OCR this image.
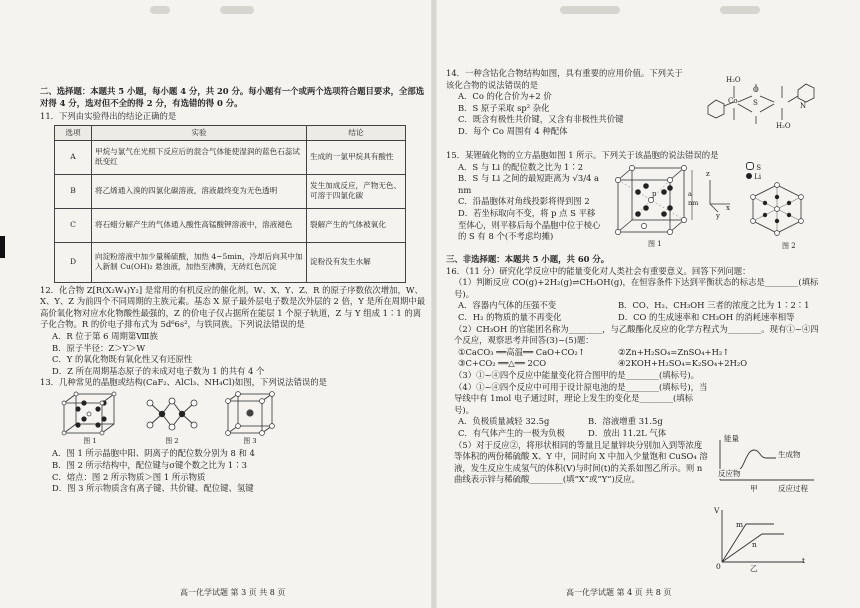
二、选择题：本题共 5 小题，每小题 4 分，共 20 分。每小题有一个或两个选项符合题目要求，全部选对得 4 分，选对但不全的得 2 分，有选错的得 0 分。

11．下列由实验得出的结论正确的是

选项	实验	结论
A	甲烷与氯气在光照下反应后的混合气体能使湿润的蓝色石蕊试纸变红	生成的一氯甲烷具有酸性
B	将乙烯通入溴的四氯化碳溶液，溶液最终变为无色透明	发生加成反应，产物无色、可溶于四氯化碳
C	将石蜡分解产生的气体通入酸性高锰酸钾溶液中，溶液褪色	裂解产生的气体被氧化
D	向淀粉溶液中加少量稀硫酸，加热 4~5min，冷却后向其中加入新制 Cu(OH)₂ 悬浊液，加热至沸腾，无砖红色沉淀	淀粉没有发生水解

12．化合物 Z[R(X₂W₄)Y₂] 是常用的有机反应的催化剂。W、X、Y、Z、R 的原子序数依次增加，W、X、Y、Z 为前四个不同周期的主族元素。基态 X 原子最外层电子数是次外层的 2 倍，Y 是所在周期中最高价氧化物对应水化物酸性最强的，Z 的价电子仅占据所在能层 1 个原子轨道，Z 与 Y 组成 1∶1 的离子化合物。R 的价电子排布式为 5d⁶6s²，与铁同族。下列说法错误的是

A．R 位于第 6 周期第Ⅷ族

B．原子半径：Z＞Y＞W

C．Y 的氧化物既有氧化性又有还原性

D．Z 所在周期基态原子的未成对电子数为 1 的共有 4 个

13．几种常见的晶胞或结构(CaF₂、AlCl₃、NH₄Cl)如图，下列说法错误的是

图 1	图 2	图 3

A．图 1 所示晶胞中阳、阴离子的配位数分别为 8 和 4

B．图 2 所示结构中，配位键与σ键个数之比为 1∶3

C．熔点：图 2 所示物质＞图 1 所示物质

D．图 3 所示物质含有离子键、共价键、配位键、氢键

高一化学试题 第 3 页 共 8 页

14．一种含钴化合物结构如图，具有重要的应用价值。下列关于该化合物的说法错误的是

A．Co 的化合价为+2 价

B．S 原子采取 sp² 杂化

C．既含有极性共价键，又含有非极性共价键

D．每个 Co 周围有 4 种配体

H₂O
Co
O
S	N
H₂O

15．某锂硫化物的立方晶胞如图 1 所示。下列关于该晶胞的说法错误的是

A．S 与 Li 的配位数之比为 1∶2

B．S 与 Li 之间的最短距离为 √3/4 a nm

C．沿晶胞体对角线投影将得到图 2

D．若坐标取向不变，将 p 点 S 平移至体心，则平移后每个晶胞中位于棱心的 S 有 8 个(不考虑均摊)

a nm
p
图 1
z
x
y
S
Li
图 2

三、非选择题：本题共 5 小题，共 60 分。

16．（11 分）研究化学反应中的能量变化对人类社会有重要意义。回答下列问题：

（1）判断反应 CO(g)+2H₂(g)⇌CH₃OH(g)，在恒容条件下达到平衡状态的标志是________(填标号)。

A．容器内气体的压强不变	B．CO、H₂、CH₃OH 三者的浓度之比为 1∶2∶1
C．H₂ 的物质的量不再变化	D．CO 的生成速率和 CH₃OH 的消耗速率相等

（2）CH₃OH 的官能团名称为________，与乙酸酯化反应的化学方程式为________。现有①~④四个反应，观察思考并回答(3)~(5)题：

①CaCO₃ ══高温══ CaO+CO₂↑	②Zn+H₂SO₄=ZnSO₄+H₂↑
③C+CO₂ ══△══ 2CO	④2KOH+H₂SO₄=K₂SO₄+2H₂O

（3）①~④四个反应中能量变化符合图甲的是________(填标号)。

（4）①~④四个反应中可用于设计原电池的是________(填标号)，当导线中有 1mol 电子通过时，理论上发生的变化是________(填标号)。

A．负极质量减轻 32.5g	B．溶液增重 31.5g
C．有气体产生的一极为负极	D．放出 11.2L 气体

（5）对于反应②，将形状相同的等量且足量锌块分别加入到等浓度等体积的两份稀硫酸 X、Y 中，同时向 X 中加入少量饱和 CuSO₄ 溶液，发生反应生成氢气的体积(V)与时间(t)的关系如图乙所示。则 n 曲线表示锌与稀硫酸________(填“X”或“Y”)反应。

能量
生成物
反应物
甲	反应过程
V
m
n
0
t
乙

高一化学试题 第 4 页 共 8 页
